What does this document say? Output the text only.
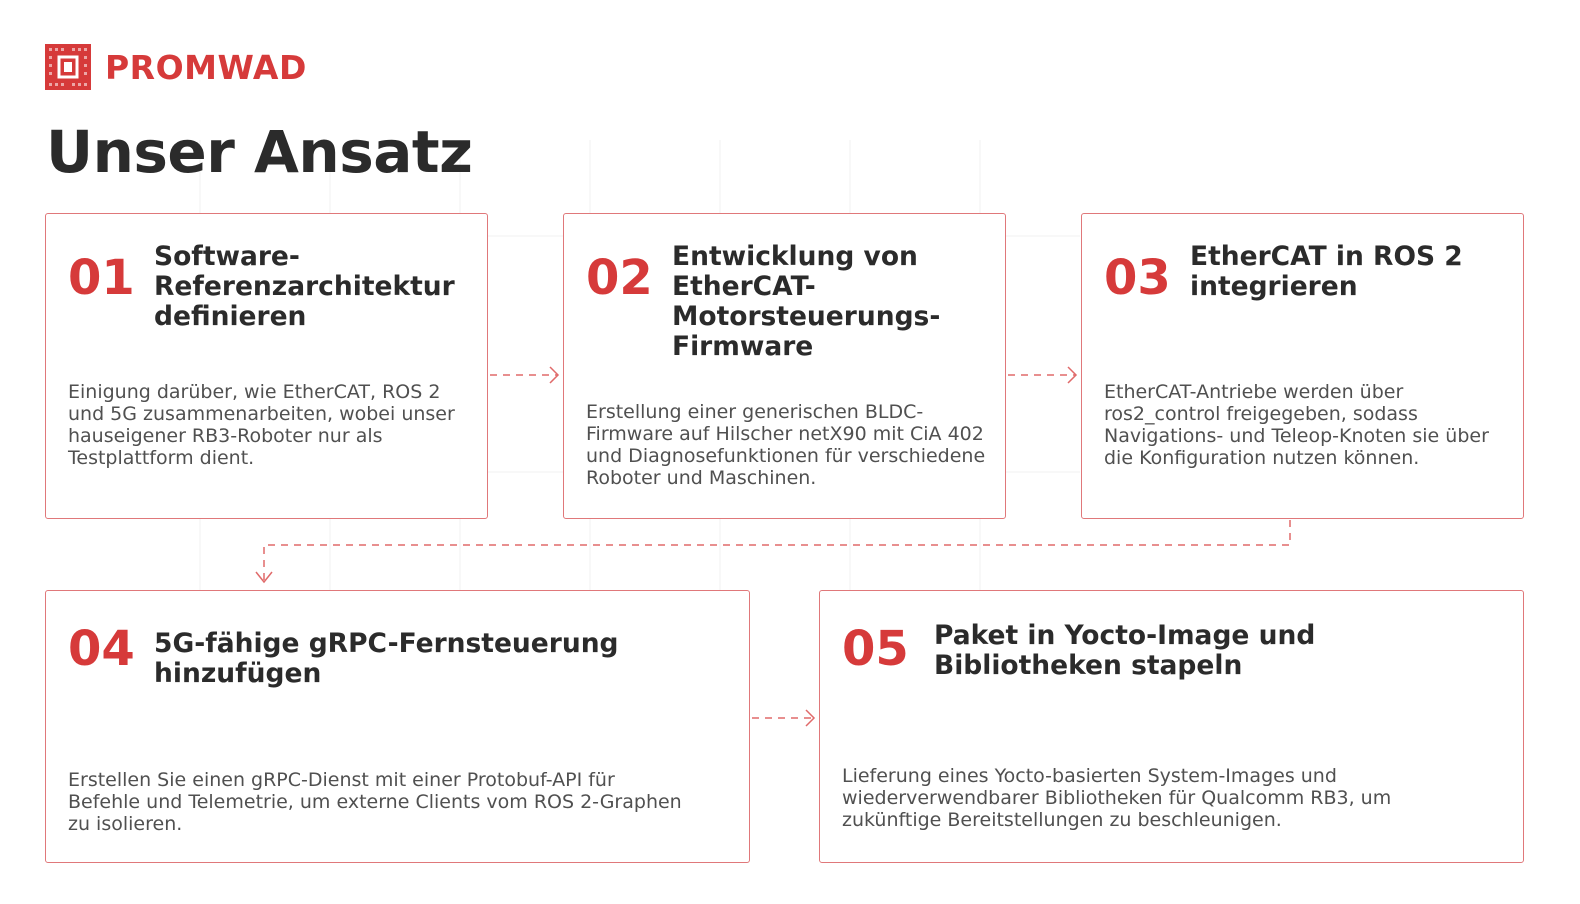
PROMWAD
Unser Ansatz
01 Software-Referenzarchitektur definieren
Einigung darüber, wie EtherCAT, ROS 2 und 5G zusammenarbeiten, wobei unser hauseigener RB3-Roboter nur als Testplattform dient.
02 Entwicklung von EtherCAT-Motorsteuerungs-Firmware
Erstellung einer generischen BLDC-Firmware auf Hilscher netX90 mit CiA 402 und Diagnosefunktionen für verschiedene Roboter und Maschinen.
03 EtherCAT in ROS 2 integrieren
EtherCAT-Antriebe werden über ros2_control freigegeben, sodass Navigations- und Teleop-Knoten sie über die Konfiguration nutzen können.
04 5G-fähige gRPC-Fernsteuerung hinzufügen
Erstellen Sie einen gRPC-Dienst mit einer Protobuf-API für Befehle und Telemetrie, um externe Clients vom ROS 2-Graphen zu isolieren.
05 Paket in Yocto-Image und Bibliotheken stapeln
Lieferung eines Yocto-basierten System-Images und wiederverwendbarer Bibliotheken für Qualcomm RB3, um zukünftige Bereitstellungen zu beschleunigen.
